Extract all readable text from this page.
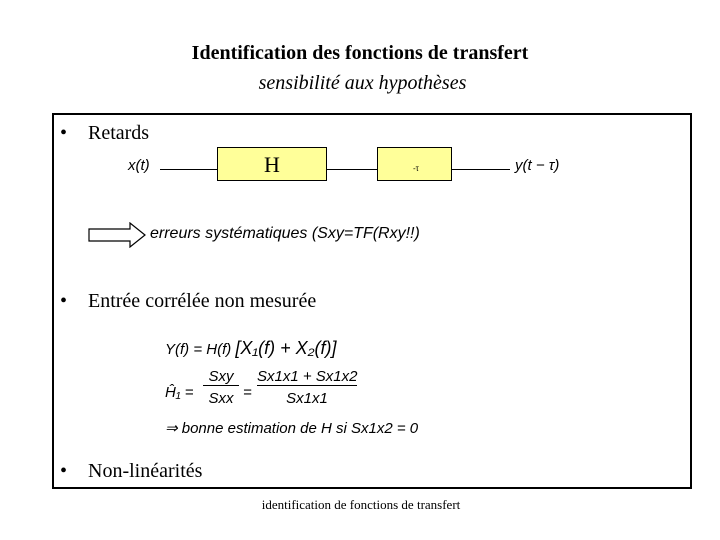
Identification des fonctions de transfert
sensibilité aux hypothèses
• Retards
x(t)	H	-τ	y(t − τ)
erreurs systématiques (Sxy=TF(Rxy!!)
• Entrée corrélée non mesurée
Y(f) = H(f) [X₁(f) + X₂(f)]
Ĥ₁ =
Sxy
Sxx =
Sx1x1 + Sx1x2
Sx1x1
⇒ bonne estimation de H si Sx1x2 = 0
• Non-linéarités
identification de fonctions de transfert
